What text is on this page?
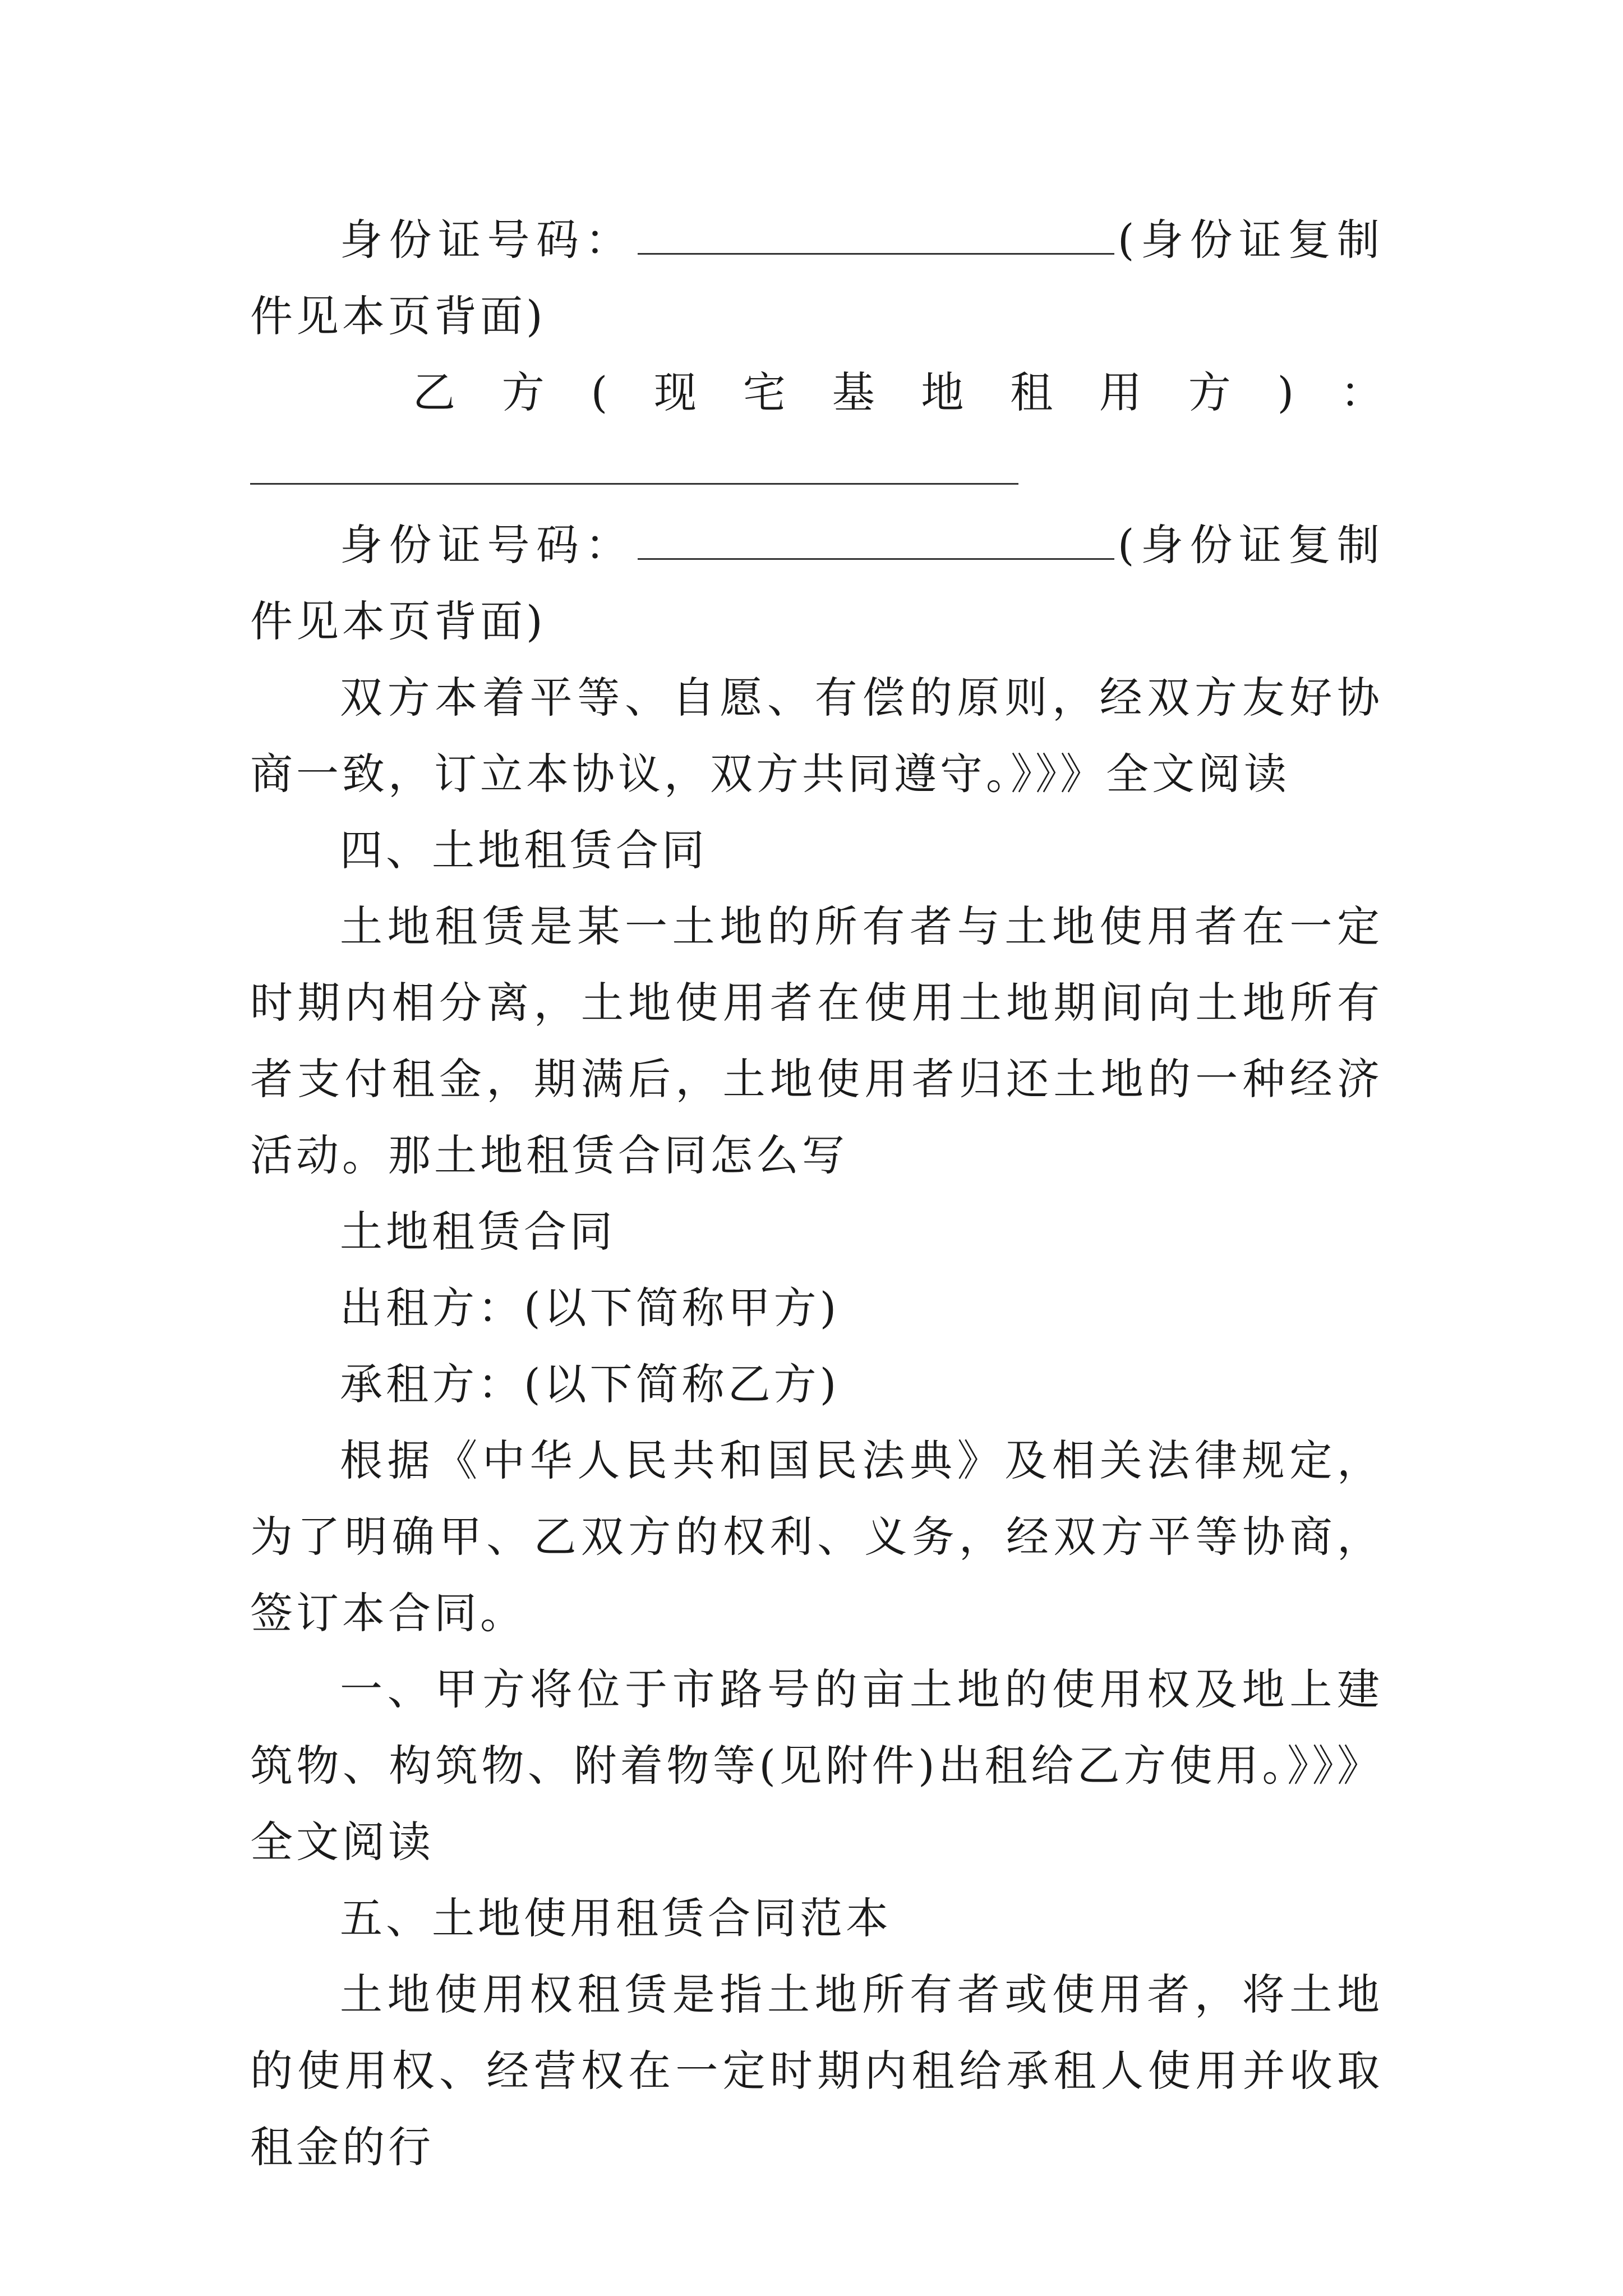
身份证号码：	(身份证复制件见本页背面)

乙 方 ( 现 宅 基 地 租 用 方 ) ：

身份证号码：	(身份证复制件见本页背面)

双方本着平等、自愿、有偿的原则，经双方友好协商一致，订立本协议，双方共同遵守。》》》全文阅读

四、土地租赁合同

土地租赁是某一土地的所有者与土地使用者在一定时期内相分离，土地使用者在使用土地期间向土地所有者支付租金，期满后，土地使用者归还土地的一种经济活动。那土地租赁合同怎么写

土地租赁合同

出租方：(以下简称甲方)

承租方：(以下简称乙方)

根据《中华人民共和国民法典》及相关法律规定，为了明确甲、乙双方的权利、义务，经双方平等协商，签订本合同。

一、甲方将位于市路号的亩土地的使用权及地上建筑物、构筑物、附着物等(见附件)出租给乙方使用。》》》全文阅读

五、土地使用租赁合同范本

土地使用权租赁是指土地所有者或使用者，将土地的使用权、经营权在一定时期内租给承租人使用并收取租金的行
